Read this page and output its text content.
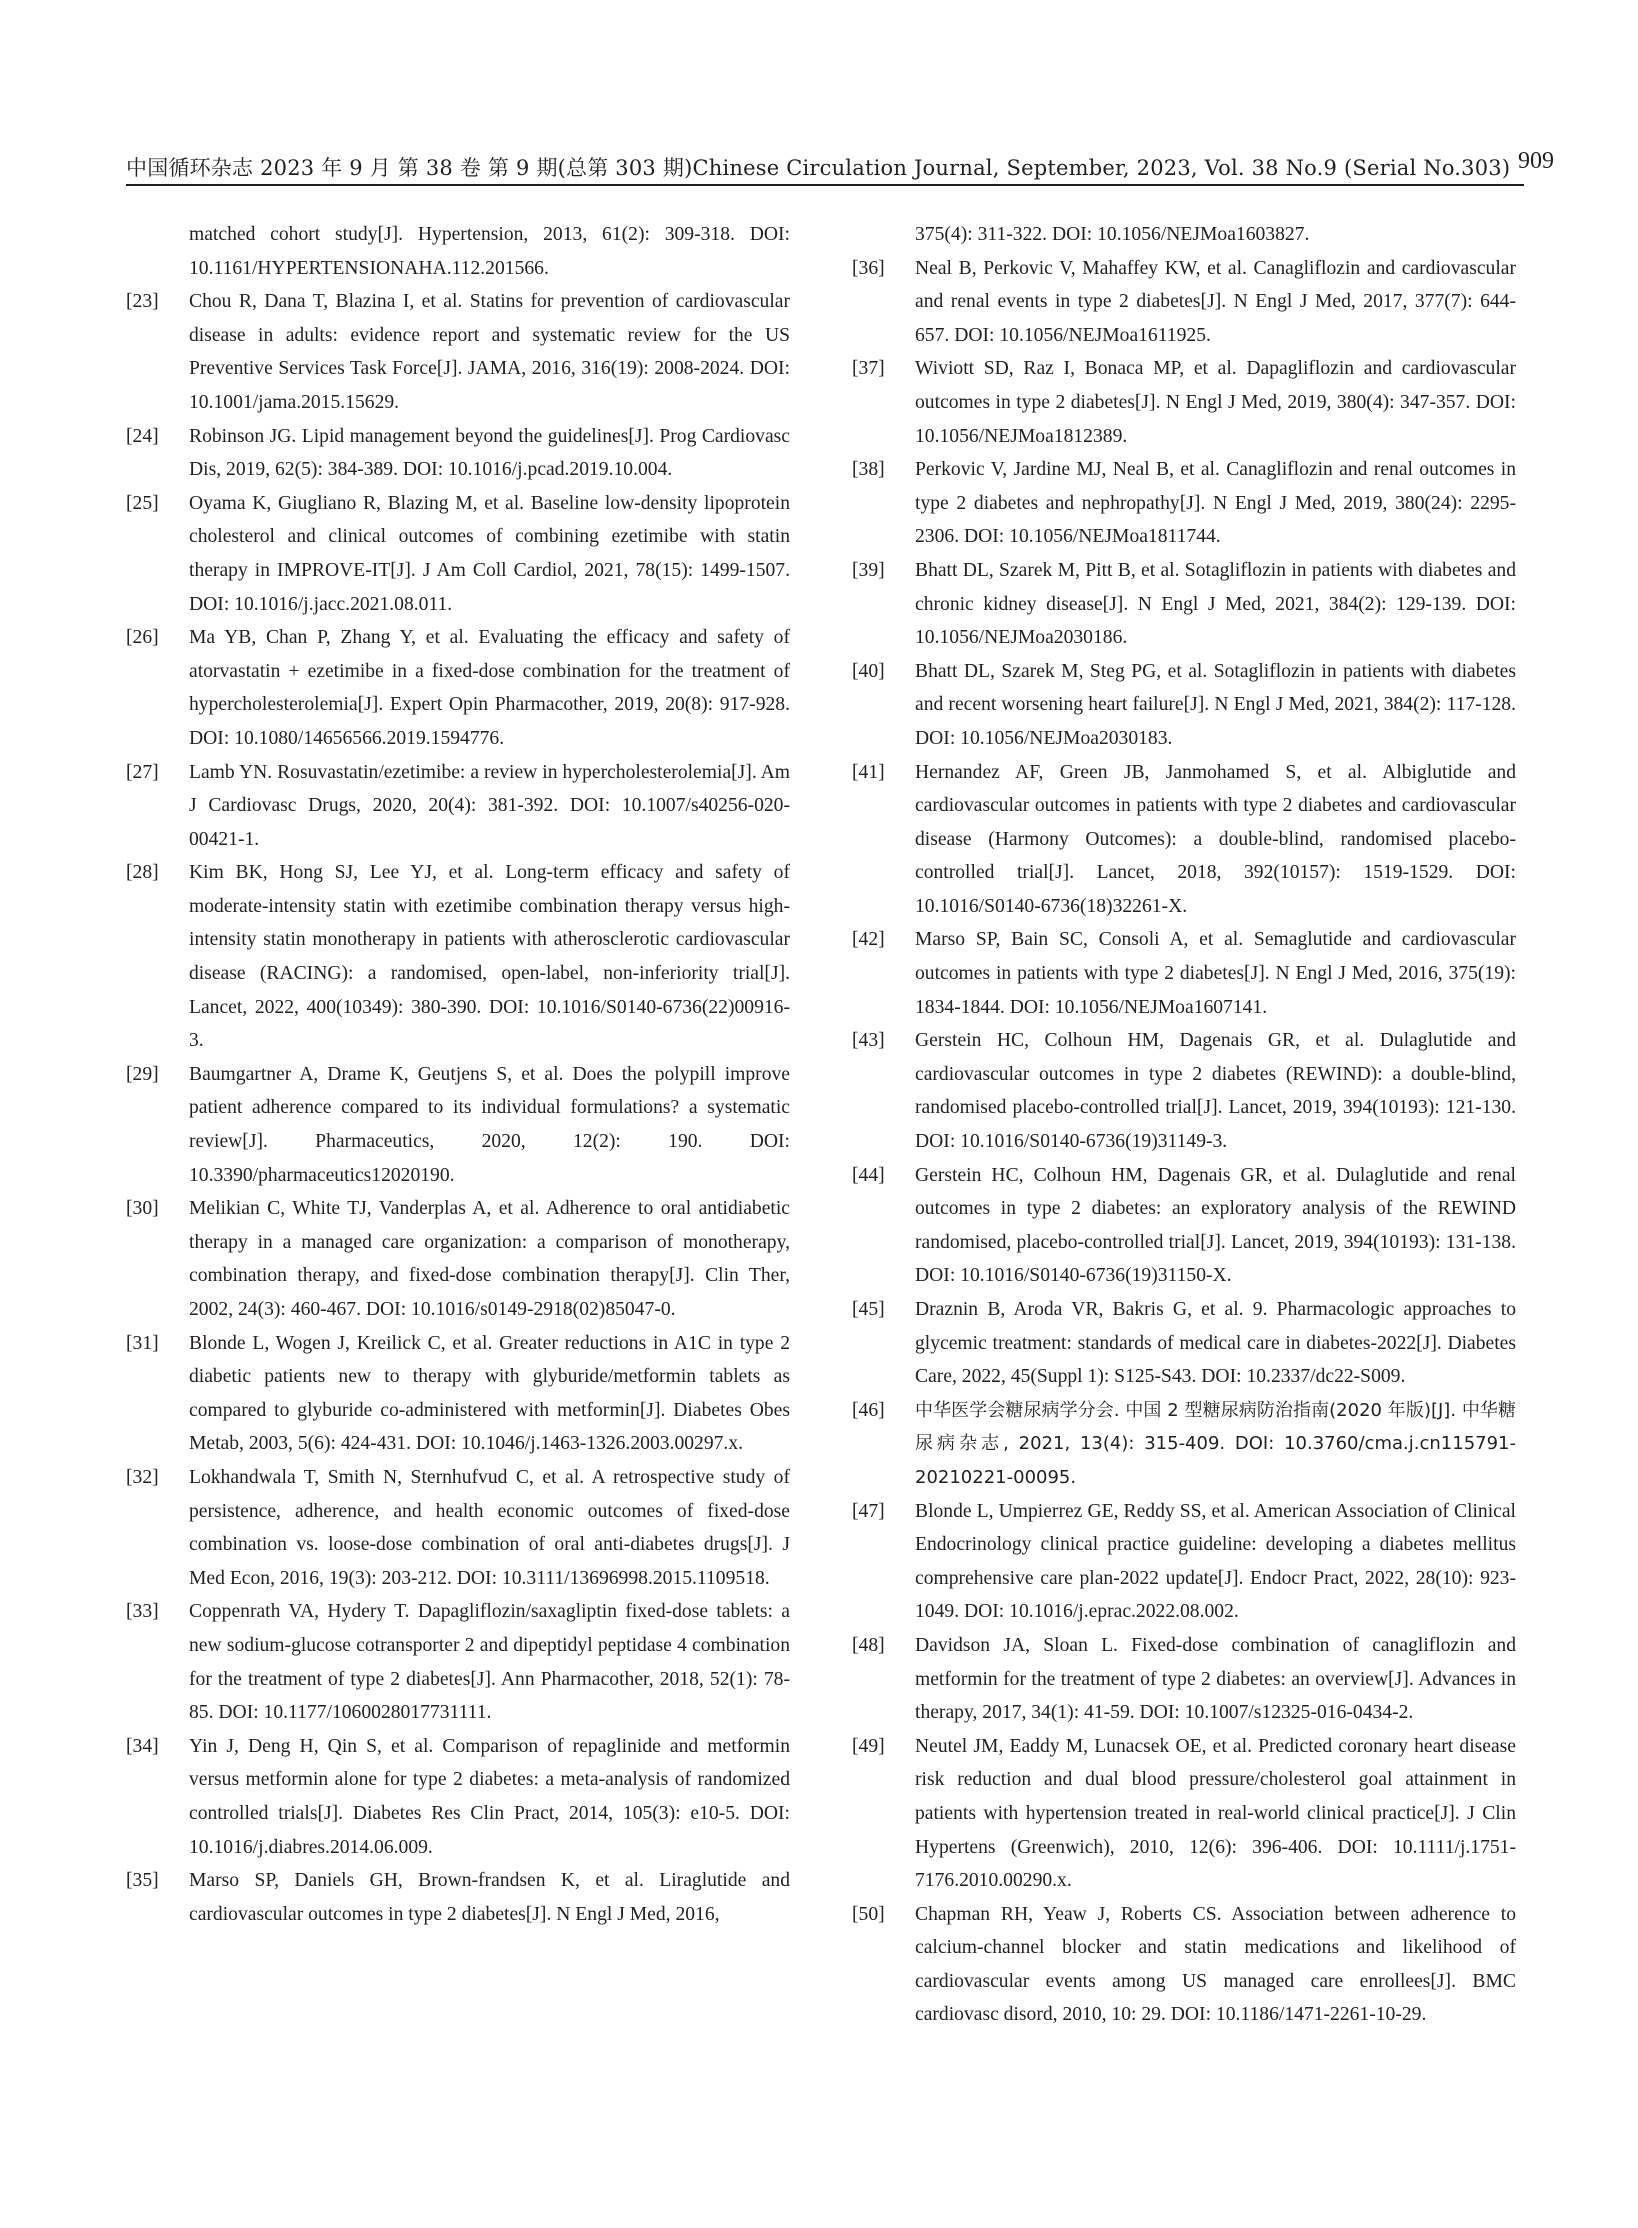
中国循环杂志 2023 年 9 月 第 38 卷 第 9 期(总第 303 期)Chinese Circulation Journal, September, 2023, Vol. 38 No.9 (Serial No.303) 909
matched cohort study[J]. Hypertension, 2013, 61(2): 309-318. DOI: 10.1161/HYPERTENSIONAHA.112.201566.
[23]	Chou R, Dana T, Blazina I, et al. Statins for prevention of cardiovascular disease in adults: evidence report and systematic review for the US Preventive Services Task Force[J]. JAMA, 2016, 316(19): 2008-2024. DOI: 10.1001/jama.2015.15629.
[24]	Robinson JG. Lipid management beyond the guidelines[J]. Prog Cardiovasc Dis, 2019, 62(5): 384-389. DOI: 10.1016/j.pcad.2019.10.004.
[25]	Oyama K, Giugliano R, Blazing M, et al. Baseline low-density lipoprotein cholesterol and clinical outcomes of combining ezetimibe with statin therapy in IMPROVE-IT[J]. J Am Coll Cardiol, 2021, 78(15): 1499-1507. DOI: 10.1016/j.jacc.2021.08.011.
[26]	Ma YB, Chan P, Zhang Y, et al. Evaluating the efficacy and safety of atorvastatin + ezetimibe in a fixed-dose combination for the treatment of hypercholesterolemia[J]. Expert Opin Pharmacother, 2019, 20(8): 917-928. DOI: 10.1080/14656566.2019.1594776.
[27]	Lamb YN. Rosuvastatin/ezetimibe: a review in hypercholesterolemia[J]. Am J Cardiovasc Drugs, 2020, 20(4): 381-392. DOI: 10.1007/s40256-020-00421-1.
[28]	Kim BK, Hong SJ, Lee YJ, et al. Long-term efficacy and safety of moderate-intensity statin with ezetimibe combination therapy versus high-intensity statin monotherapy in patients with atherosclerotic cardiovascular disease (RACING): a randomised, open-label, non-inferiority trial[J]. Lancet, 2022, 400(10349): 380-390. DOI: 10.1016/S0140-6736(22)00916-3.
[29]	Baumgartner A, Drame K, Geutjens S, et al. Does the polypill improve patient adherence compared to its individual formulations? a systematic review[J]. Pharmaceutics, 2020, 12(2): 190. DOI: 10.3390/pharmaceutics12020190.
[30]	Melikian C, White TJ, Vanderplas A, et al. Adherence to oral antidiabetic therapy in a managed care organization: a comparison of monotherapy, combination therapy, and fixed-dose combination therapy[J]. Clin Ther, 2002, 24(3): 460-467. DOI: 10.1016/s0149-2918(02)85047-0.
[31]	Blonde L, Wogen J, Kreilick C, et al. Greater reductions in A1C in type 2 diabetic patients new to therapy with glyburide/metformin tablets as compared to glyburide co-administered with metformin[J]. Diabetes Obes Metab, 2003, 5(6): 424-431. DOI: 10.1046/j.1463-1326.2003.00297.x.
[32]	Lokhandwala T, Smith N, Sternhufvud C, et al. A retrospective study of persistence, adherence, and health economic outcomes of fixed-dose combination vs. loose-dose combination of oral anti-diabetes drugs[J]. J Med Econ, 2016, 19(3): 203-212. DOI: 10.3111/13696998.2015.1109518.
[33]	Coppenrath VA, Hydery T. Dapagliflozin/saxagliptin fixed-dose tablets: a new sodium-glucose cotransporter 2 and dipeptidyl peptidase 4 combination for the treatment of type 2 diabetes[J]. Ann Pharmacother, 2018, 52(1): 78-85. DOI: 10.1177/1060028017731111.
[34]	Yin J, Deng H, Qin S, et al. Comparison of repaglinide and metformin versus metformin alone for type 2 diabetes: a meta-analysis of randomized controlled trials[J]. Diabetes Res Clin Pract, 2014, 105(3): e10-5. DOI: 10.1016/j.diabres.2014.06.009.
[35]	Marso SP, Daniels GH, Brown-frandsen K, et al. Liraglutide and cardiovascular outcomes in type 2 diabetes[J]. N Engl J Med, 2016,
375(4): 311-322. DOI: 10.1056/NEJMoa1603827.
[36]	Neal B, Perkovic V, Mahaffey KW, et al. Canagliflozin and cardiovascular and renal events in type 2 diabetes[J]. N Engl J Med, 2017, 377(7): 644-657. DOI: 10.1056/NEJMoa1611925.
[37]	Wiviott SD, Raz I, Bonaca MP, et al. Dapagliflozin and cardiovascular outcomes in type 2 diabetes[J]. N Engl J Med, 2019, 380(4): 347-357. DOI: 10.1056/NEJMoa1812389.
[38]	Perkovic V, Jardine MJ, Neal B, et al. Canagliflozin and renal outcomes in type 2 diabetes and nephropathy[J]. N Engl J Med, 2019, 380(24): 2295-2306. DOI: 10.1056/NEJMoa1811744.
[39]	Bhatt DL, Szarek M, Pitt B, et al. Sotagliflozin in patients with diabetes and chronic kidney disease[J]. N Engl J Med, 2021, 384(2): 129-139. DOI: 10.1056/NEJMoa2030186.
[40]	Bhatt DL, Szarek M, Steg PG, et al. Sotagliflozin in patients with diabetes and recent worsening heart failure[J]. N Engl J Med, 2021, 384(2): 117-128. DOI: 10.1056/NEJMoa2030183.
[41]	Hernandez AF, Green JB, Janmohamed S, et al. Albiglutide and cardiovascular outcomes in patients with type 2 diabetes and cardiovascular disease (Harmony Outcomes): a double-blind, randomised placebo-controlled trial[J]. Lancet, 2018, 392(10157): 1519-1529. DOI: 10.1016/S0140-6736(18)32261-X.
[42]	Marso SP, Bain SC, Consoli A, et al. Semaglutide and cardiovascular outcomes in patients with type 2 diabetes[J]. N Engl J Med, 2016, 375(19): 1834-1844. DOI: 10.1056/NEJMoa1607141.
[43]	Gerstein HC, Colhoun HM, Dagenais GR, et al. Dulaglutide and cardiovascular outcomes in type 2 diabetes (REWIND): a double-blind, randomised placebo-controlled trial[J]. Lancet, 2019, 394(10193): 121-130. DOI: 10.1016/S0140-6736(19)31149-3.
[44]	Gerstein HC, Colhoun HM, Dagenais GR, et al. Dulaglutide and renal outcomes in type 2 diabetes: an exploratory analysis of the REWIND randomised, placebo-controlled trial[J]. Lancet, 2019, 394(10193): 131-138. DOI: 10.1016/S0140-6736(19)31150-X.
[45]	Draznin B, Aroda VR, Bakris G, et al. 9. Pharmacologic approaches to glycemic treatment: standards of medical care in diabetes-2022[J]. Diabetes Care, 2022, 45(Suppl 1): S125-S43. DOI: 10.2337/dc22-S009.
[46]	中华医学会糖尿病学分会. 中国 2 型糖尿病防治指南(2020 年版)[J]. 中华糖尿病杂志, 2021, 13(4): 315-409. DOI: 10.3760/cma.j.cn115791-20210221-00095.
[47]	Blonde L, Umpierrez GE, Reddy SS, et al. American Association of Clinical Endocrinology clinical practice guideline: developing a diabetes mellitus comprehensive care plan-2022 update[J]. Endocr Pract, 2022, 28(10): 923-1049. DOI: 10.1016/j.eprac.2022.08.002.
[48]	Davidson JA, Sloan L. Fixed-dose combination of canagliflozin and metformin for the treatment of type 2 diabetes: an overview[J]. Advances in therapy, 2017, 34(1): 41-59. DOI: 10.1007/s12325-016-0434-2.
[49]	Neutel JM, Eaddy M, Lunacsek OE, et al. Predicted coronary heart disease risk reduction and dual blood pressure/cholesterol goal attainment in patients with hypertension treated in real-world clinical practice[J]. J Clin Hypertens (Greenwich), 2010, 12(6): 396-406. DOI: 10.1111/j.1751-7176.2010.00290.x.
[50]	Chapman RH, Yeaw J, Roberts CS. Association between adherence to calcium-channel blocker and statin medications and likelihood of cardiovascular events among US managed care enrollees[J]. BMC cardiovasc disord, 2010, 10: 29. DOI: 10.1186/1471-2261-10-29.
